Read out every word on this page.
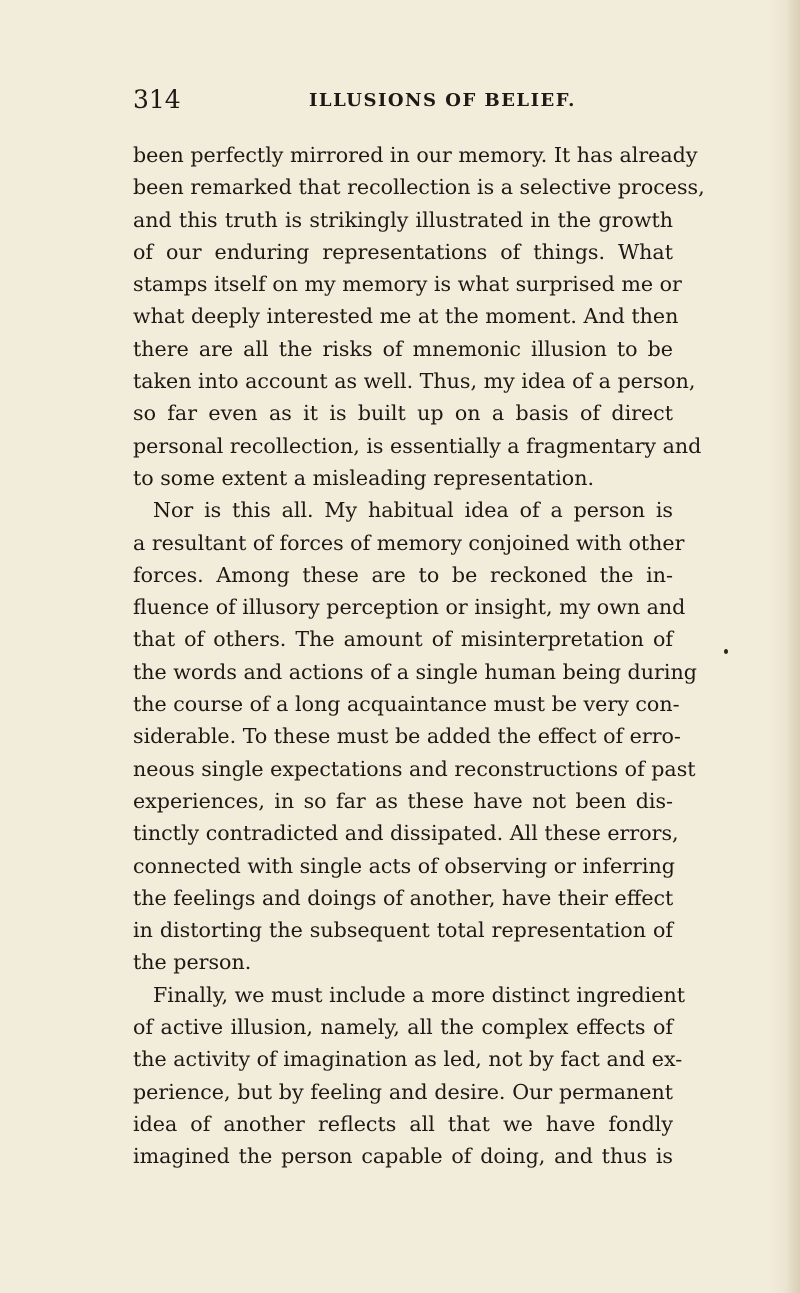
314	ILLUSIONS OF BELIEF.
been perfectly mirrored in our memory. It has already
been remarked that recollection is a selective process,
and this truth is strikingly illustrated in the growth
of our enduring representations of things. What
stamps itself on my memory is what surprised me or
what deeply interested me at the moment. And then
there are all the risks of mnemonic illusion to be
taken into account as well. Thus, my idea of a person,
so far even as it is built up on a basis of direct
personal recollection, is essentially a fragmentary and
to some extent a misleading representation.
Nor is this all. My habitual idea of a person is
a resultant of forces of memory conjoined with other
forces. Among these are to be reckoned the in-
fluence of illusory perception or insight, my own and
that of others. The amount of misinterpretation of
the words and actions of a single human being during
the course of a long acquaintance must be very con-
siderable. To these must be added the effect of erro-
neous single expectations and reconstructions of past
experiences, in so far as these have not been dis-
tinctly contradicted and dissipated. All these errors,
connected with single acts of observing or inferring
the feelings and doings of another, have their effect
in distorting the subsequent total representation of
the person.
Finally, we must include a more distinct ingredient
of active illusion, namely, all the complex effects of
the activity of imagination as led, not by fact and ex-
perience, but by feeling and desire. Our permanent
idea of another reflects all that we have fondly
imagined the person capable of doing, and thus is
